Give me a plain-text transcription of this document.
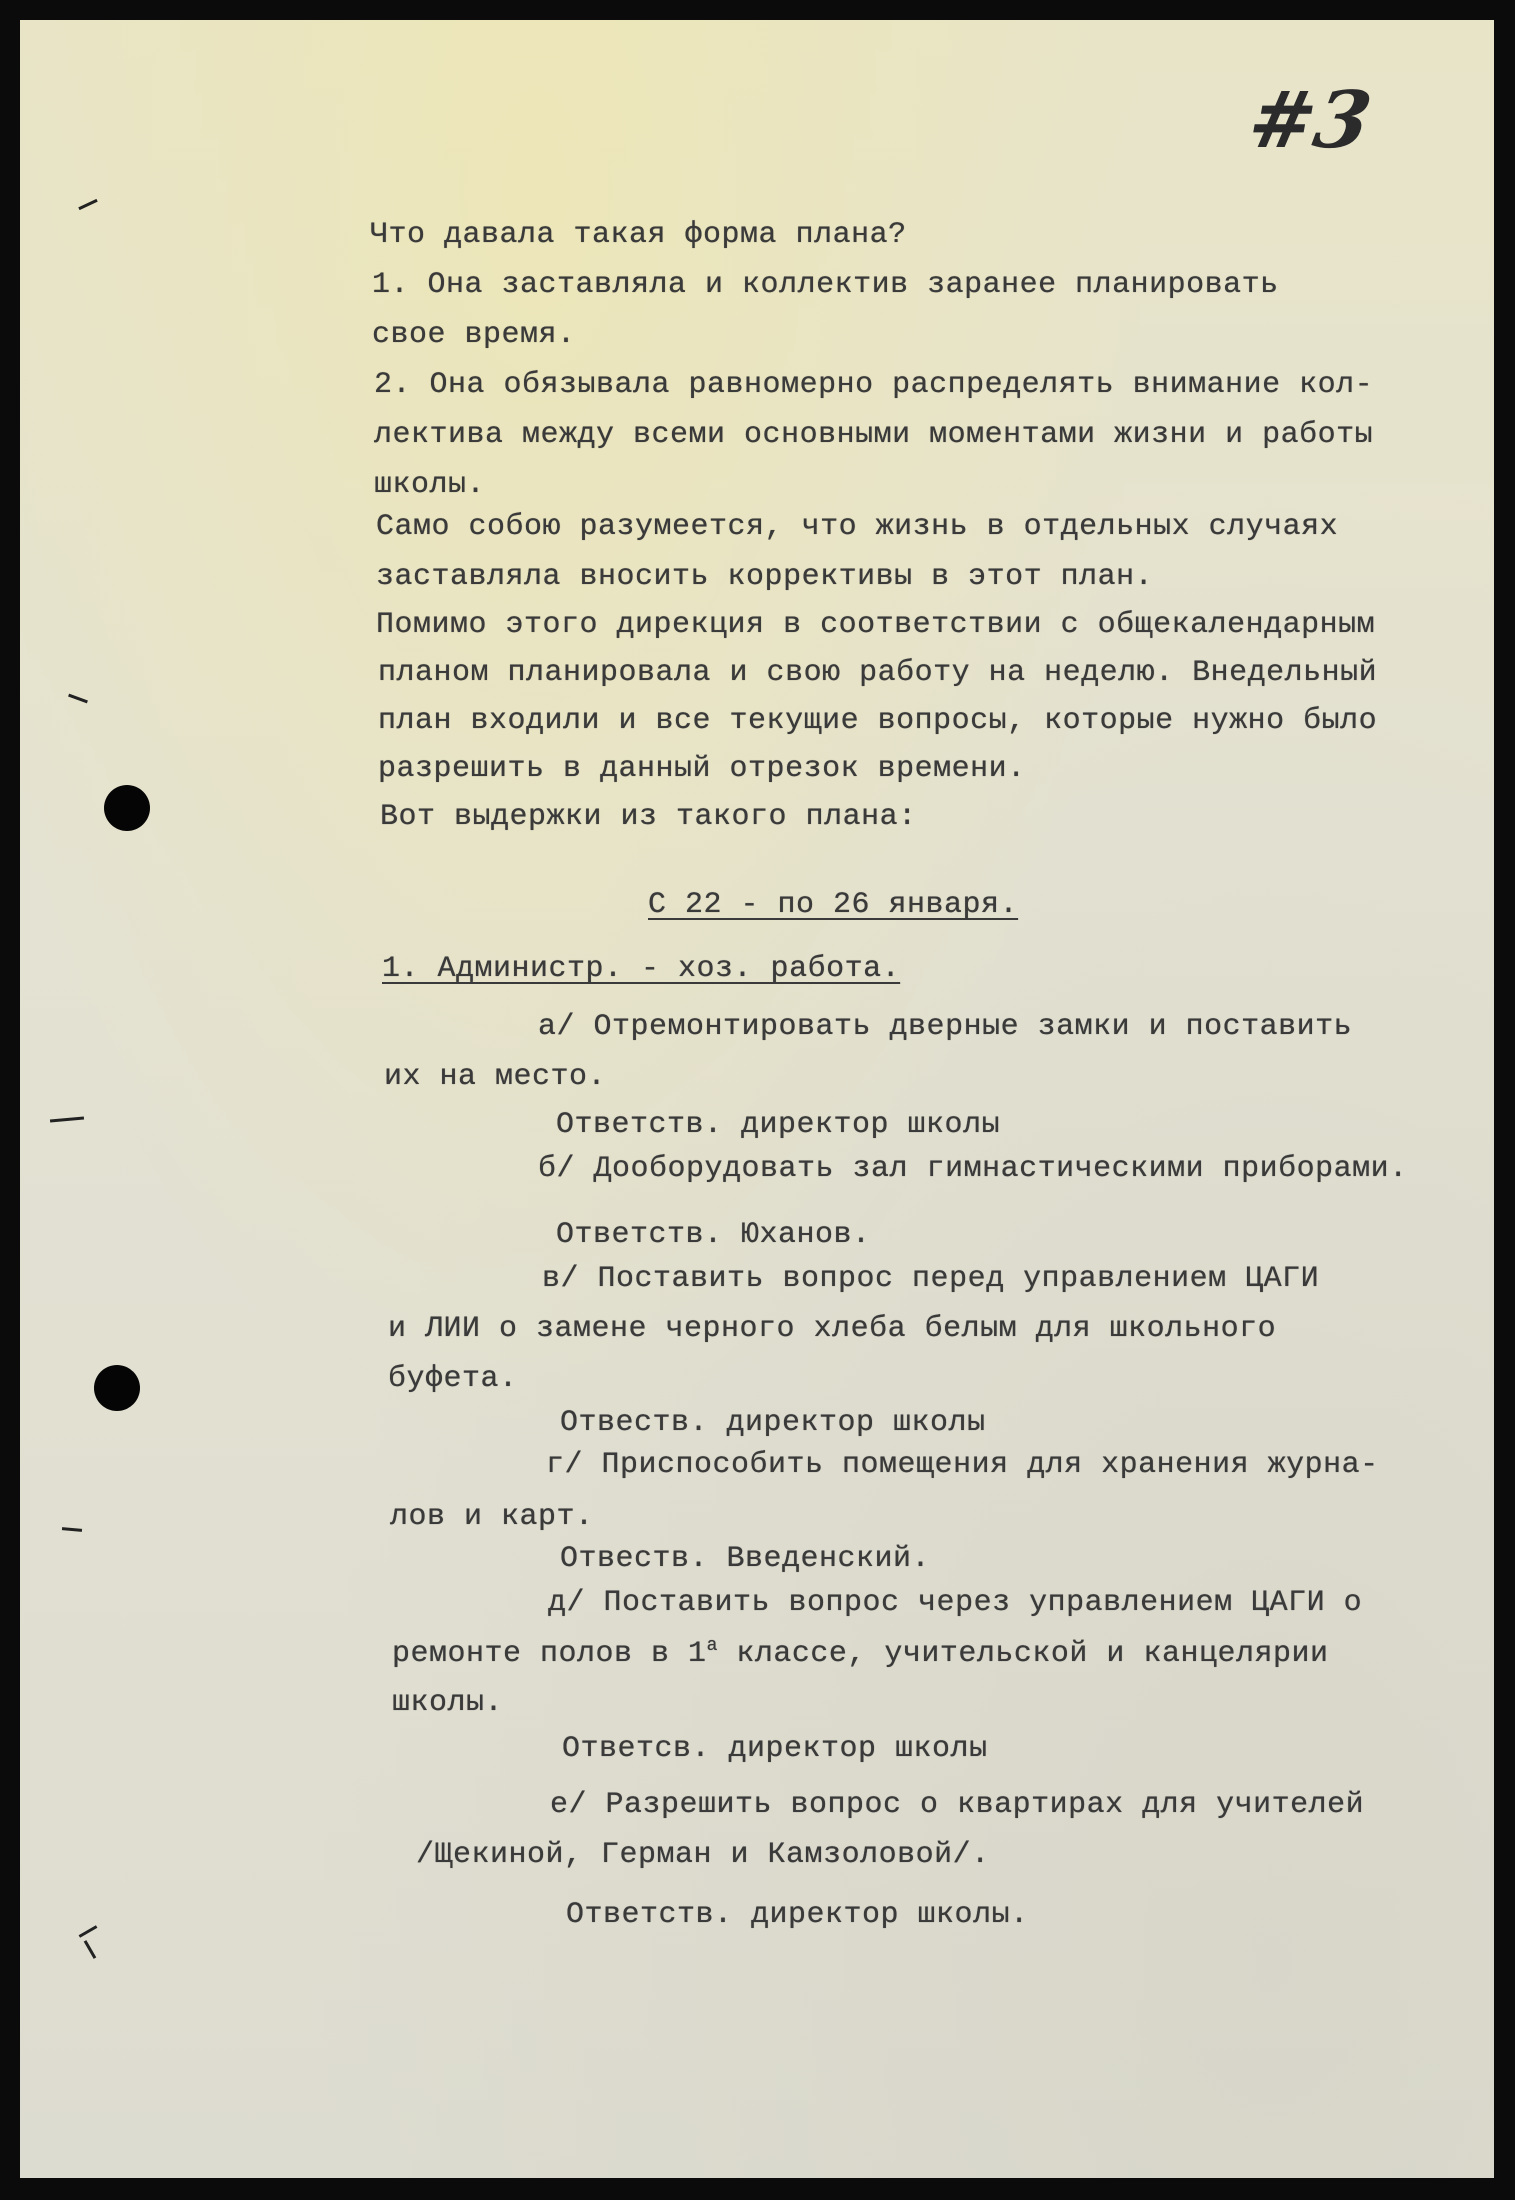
#3
Что давала такая форма плана?
1. Она заставляла и коллектив заранее планировать
свое время.
2. Она обязывала равномерно распределять внимание кол-
лектива между всеми основными моментами жизни и работы
школы.
Само собою разумеется, что жизнь в отдельных случаях
заставляла вносить коррективы в этот план.
Помимо этого дирекция в соответствии с общекалендарным
планом планировала и свою работу на неделю. Внедельный
план входили и все текущие вопросы, которые нужно было
разрешить в данный отрезок времени.
Вот выдержки из такого плана:
С 22 - по 26 января.
1. Администр. - хоз. работа.
а/ Отремонтировать дверные замки и поставить
их на место.
Ответств. директор школы
б/ Дооборудовать зал гимнастическими приборами.
Ответств. Юханов.
в/ Поставить вопрос перед управлением ЦАГИ
и ЛИИ о замене черного хлеба белым для школьного
буфета.
Отвеств. директор школы
г/ Приспособить помещения для хранения журна-
лов и карт.
Отвеств. Введенский.
д/ Поставить вопрос через управлением ЦАГИ о
ремонте полов в $1^а$ классе, учительской и канцелярии
школы.
Ответсв. директор школы
е/ Разрешить вопрос о квартирах для учителей
/Щекиной, Герман и Камзоловой/.
Ответств. директор школы.
